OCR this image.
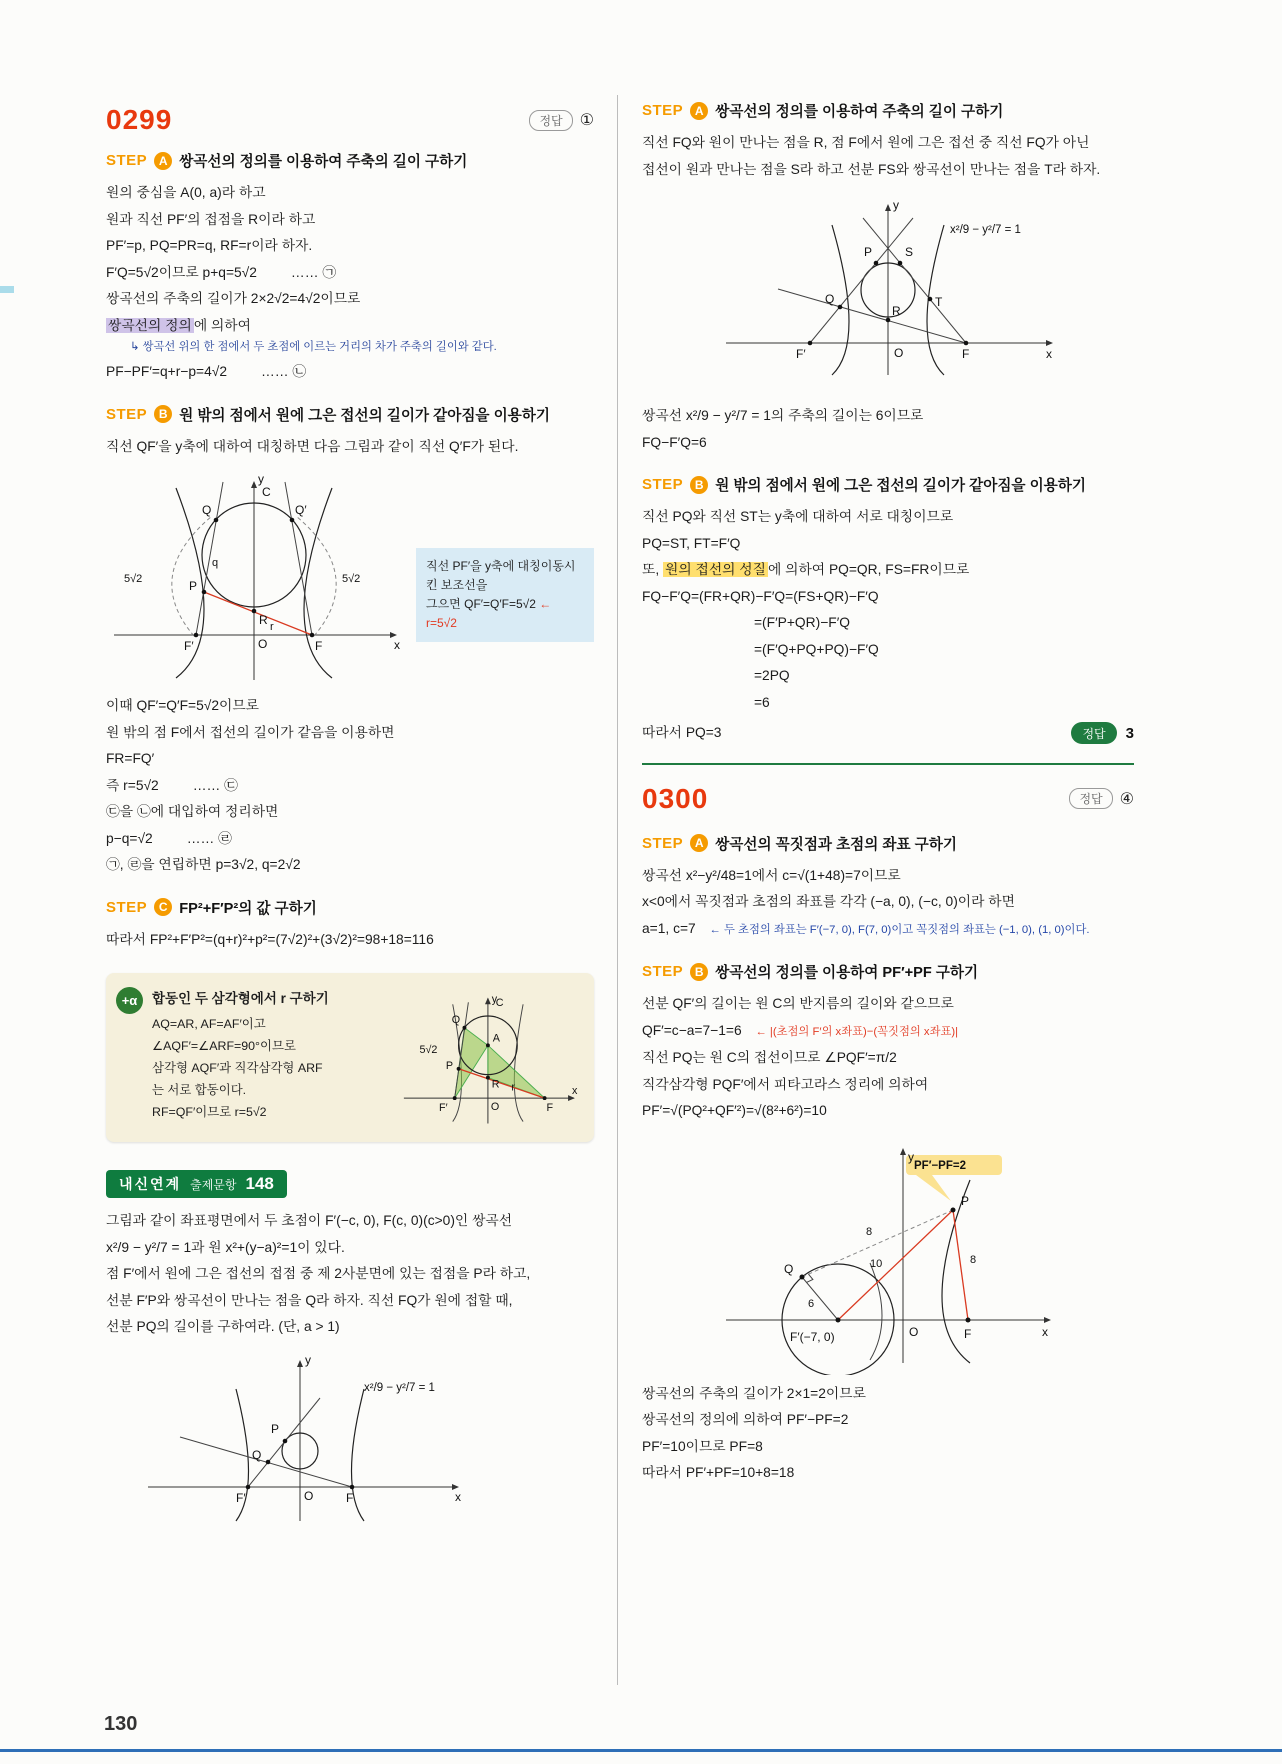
0299	정답	①
STEP A 쌍곡선의 정의를 이용하여 주축의 길이 구하기
원의 중심을 A(0, a)라 하고
원과 직선 PF′의 접점을 R이라 하고
PF′=p, PQ=PR=q, RF=r이라 하자.
F′Q=5√2이므로 p+q=5√2 …… ㉠
쌍곡선의 주축의 길이가 2×2√2=4√2이므로
쌍곡선의 정의 에 의하여
↳ 쌍곡선 위의 한 점에서 두 초점에 이르는 거리의 차가 주축의 길이와 같다.
PF−PF′=q+r−p=4√2 …… ㉡
STEP B 원 밖의 점에서 원에 그은 접선의 길이가 같아짐을 이용하기
직선 QF′을 y축에 대하여 대칭하면 다음 그림과 같이 직선 Q′F가 된다.
y
x
O
C
Q	Q′
P
R
F′	F
q
r
5√2	5√2
직선 PF′을 y축에 대칭이동시킨 보조선을
그으면 QF′=Q′F=5√2 ← r=5√2
이때 QF′=Q′F=5√2이므로
원 밖의 점 F에서 접선의 길이가 같음을 이용하면
FR=FQ′
즉 r=5√2 …… ㉢
㉢을 ㉡에 대입하여 정리하면
p−q=√2 …… ㉣
㉠, ㉣을 연립하면 p=3√2, q=2√2
STEP C FP²+F′P²의 값 구하기
따라서 FP²+F′P²=(q+r)²+p²=(7√2)²+(3√2)²=98+18=116
+α	합동인 두 삼각형에서 r 구하기
AQ=AR, AF=AF′이고
∠AQF′=∠ARF=90°이므로
삼각형 AQF′과 직각삼각형 ARF
는 서로 합동이다.
RF=QF′이므로 r=5√2
y
x
O
C
Q
A
P
R
F′	F
r
5√2
내신연계 출제문항 148
그림과 같이 좌표평면에서 두 초점이 F′(−c, 0), F(c, 0)(c>0)인 쌍곡선
x²/9 − y²/7 = 1과 원 x²+(y−a)²=1이 있다.
점 F′에서 원에 그은 접선의 접점 중 제 2사분면에 있는 접점을 P라 하고,
선분 F′P와 쌍곡선이 만나는 점을 Q라 하자. 직선 FQ가 원에 접할 때,
선분 PQ의 길이를 구하여라. (단, a > 1)
y
x
O
P
Q
F′	F
x²/9 − y²/7 = 1
STEP A 쌍곡선의 정의를 이용하여 주축의 길이 구하기
직선 FQ와 원이 만나는 점을 R, 점 F에서 원에 그은 접선 중 직선 FQ가 아닌
접선이 원과 만나는 점을 S라 하고 선분 FS와 쌍곡선이 만나는 점을 T라 하자.
y
x
O
P	S
Q
R
T
F′	F
x²/9 − y²/7 = 1
쌍곡선 x²/9 − y²/7 = 1의 주축의 길이는 6이므로
FQ−F′Q=6
STEP B 원 밖의 점에서 원에 그은 접선의 길이가 같아짐을 이용하기
직선 PQ와 직선 ST는 y축에 대하여 서로 대칭이므로
PQ=ST, FT=F′Q
또, 원의 접선의 성질 에 의하여 PQ=QR, FS=FR이므로
FQ−F′Q=(FR+QR)−F′Q=(FS+QR)−F′Q
=(F′P+QR)−F′Q
=(F′Q+PQ+PQ)−F′Q
=2PQ
=6
따라서 PQ=3	정답	3
0300	정답	④
STEP A 쌍곡선의 꼭짓점과 초점의 좌표 구하기
쌍곡선 x²−y²/48=1에서 c=√(1+48)=7이므로
x<0에서 꼭짓점과 초점의 좌표를 각각 (−a, 0), (−c, 0)이라 하면
a=1, c=7 ← 두 초점의 좌표는 F′(−7, 0), F(7, 0)이고 꼭짓점의 좌표는 (−1, 0), (1, 0)이다.
STEP B 쌍곡선의 정의를 이용하여 PF′+PF 구하기
선분 QF′의 길이는 원 C의 반지름의 길이와 같으므로
QF′=c−a=7−1=6 ← |(초점의 F′의 x좌표)−(꼭짓점의 x좌표)|
직선 PQ는 원 C의 접선이므로 ∠PQF′=π/2
직각삼각형 PQF′에서 피타고라스 정리에 의하여
PF′=√(PQ²+QF′²)=√(8²+6²)=10
y
x
O
P
Q
F′(−7, 0)	F
8
8
6
10
PF′−PF=2
쌍곡선의 주축의 길이가 2×1=2이므로
쌍곡선의 정의에 의하여 PF′−PF=2
PF′=10이므로 PF=8
따라서 PF′+PF=10+8=18
130
